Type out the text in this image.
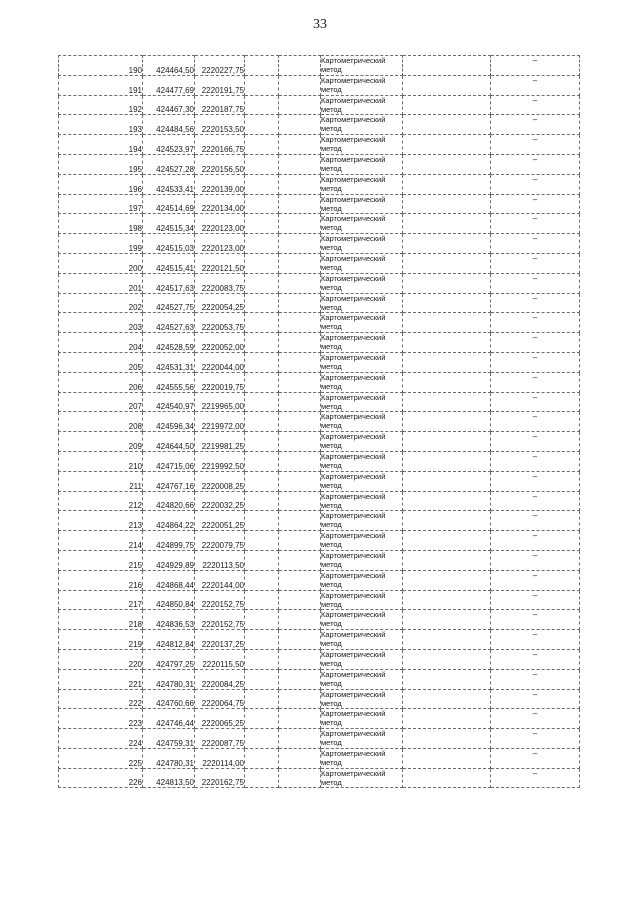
33
190	424464,50	2220227,75			Картометрический метод		–
191	424477,69	2220191,75			Картометрический метод		–
192	424467,30	2220187,75			Картометрический метод		–
193	424484,56	2220153,50			Картометрический метод		–
194	424523,97	2220166,75			Картометрический метод		–
195	424527,28	2220156,50			Картометрический метод		–
196	424533,41	2220139,00			Картометрический метод		–
197	424514,69	2220134,00			Картометрический метод		–
198	424515,34	2220123,00			Картометрический метод		–
199	424515,03	2220123,00			Картометрический метод		–
200	424515,41	2220121,50			Картометрический метод		–
201	424517,63	2220083,75			Картометрический метод		–
202	424527,75	2220054,25			Картометрический метод		–
203	424527,63	2220053,75			Картометрический метод		–
204	424528,59	2220052,00			Картометрический метод		–
205	424531,31	2220044,00			Картометрический метод		–
206	424555,56	2220019,75			Картометрический метод		–
207	424540,97	2219965,00			Картометрический метод		–
208	424596,34	2219972,00			Картометрический метод		–
209	424644,50	2219981,25			Картометрический метод		–
210	424715,06	2219992,50			Картометрический метод		–
211	424767,16	2220008,25			Картометрический метод		–
212	424820,66	2220032,25			Картометрический метод		–
213	424864,22	2220051,25			Картометрический метод		–
214	424899,75	2220079,75			Картометрический метод		–
215	424929,89	2220113,50			Картометрический метод		–
216	424868,44	2220144,00			Картометрический метод		–
217	424850,84	2220152,75			Картометрический метод		–
218	424836,53	2220152,75			Картометрический метод		–
219	424812,84	2220137,25			Картометрический метод		–
220	424797,25	2220115,50			Картометрический метод		–
221	424780,31	2220084,25			Картометрический метод		–
222	424760,66	2220064,75			Картометрический метод		–
223	424746,44	2220065,25			Картометрический метод		–
224	424759,31	2220087,75			Картометрический метод		–
225	424780,31	2220114,00			Картометрический метод		–
226	424813,50	2220162,75			Картометрический метод		–
